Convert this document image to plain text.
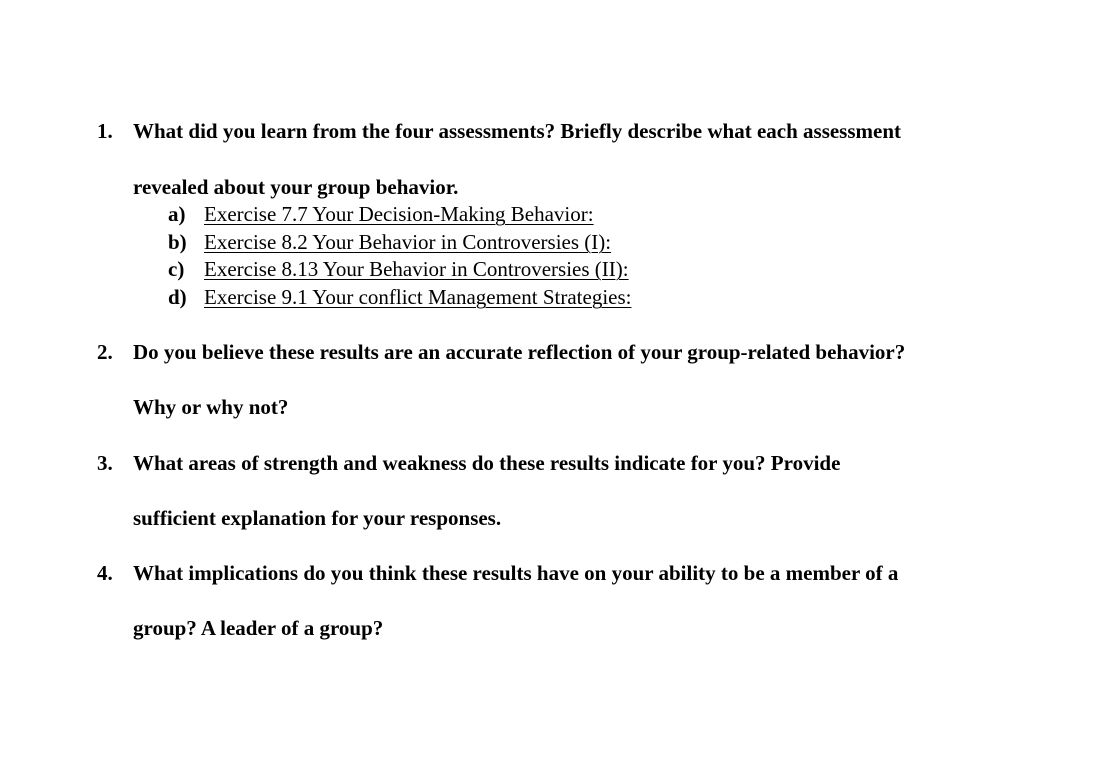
1. What did you learn from the four assessments? Briefly describe what each assessment
revealed about your group behavior.
a) Exercise 7.7 Your Decision-Making Behavior:
b) Exercise 8.2 Your Behavior in Controversies (I):
c) Exercise 8.13 Your Behavior in Controversies (II):
d) Exercise 9.1 Your conflict Management Strategies:
2. Do you believe these results are an accurate reflection of your group-related behavior?
Why or why not?
3. What areas of strength and weakness do these results indicate for you? Provide
sufficient explanation for your responses.
4. What implications do you think these results have on your ability to be a member of a
group? A leader of a group?
